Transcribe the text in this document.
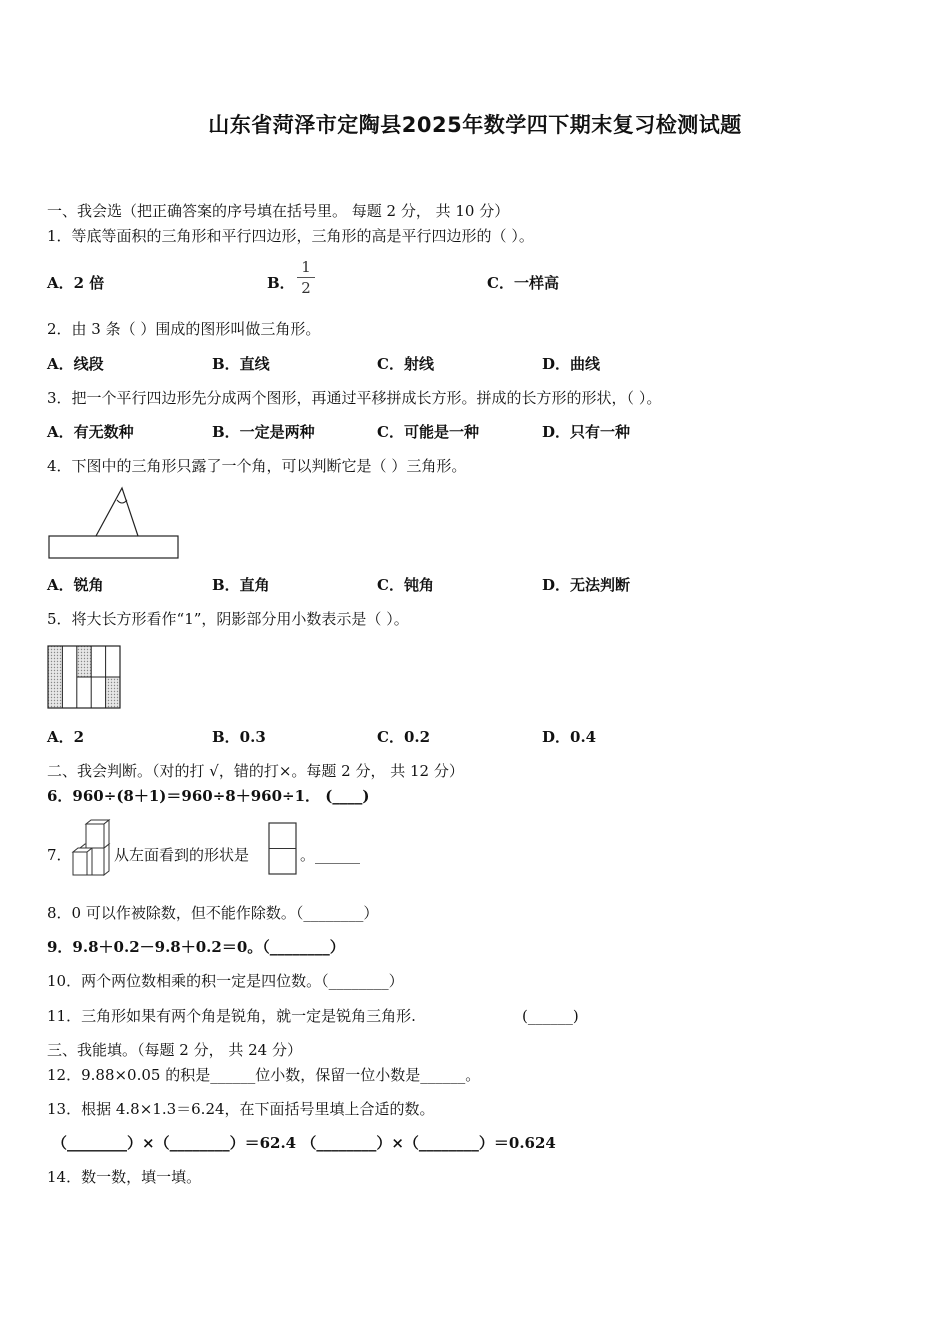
山东省菏泽市定陶县2025年数学四下期末复习检测试题
一、我会选（把正确答案的序号填在括号里。 每题 2 分， 共 10 分）
1．等底等面积的三角形和平行四边形，三角形的高是平行四边形的（ ）。
A．2 倍	B．
1
2	C．一样高
2．由 3 条（ ）围成的图形叫做三角形。
A．线段	B．直线	C．射线	D．曲线
3．把一个平行四边形先分成两个图形，再通过平移拼成长方形。拼成的长方形的形状，（ ）。
A．有无数种	B．一定是两种	C．可能是一种	D．只有一种
4．下图中的三角形只露了一个角，可以判断它是（ ）三角形。
A．锐角	B．直角	C．钝角	D．无法判断
5．将大长方形看作“1”，阴影部分用小数表示是（ ）。
A．2	B．0.3	C．0.2	D．0.4
二、我会判断。（对的打 √，错的打×。每题 2 分， 共 12 分）
6．960÷(8＋1)＝960÷8＋960÷1． (____)
7．	从左面看到的形状是	。______
8．0 可以作被除数，但不能作除数。（________）
9．9.8＋0.2－9.8＋0.2＝0。（________）
10．两个两位数相乘的积一定是四位数。（________）
11．三角形如果有两个角是锐角，就一定是锐角三角形.	(______)
三、我能填。（每题 2 分， 共 24 分）
12．9.88×0.05 的积是______位小数，保留一位小数是______。
13．根据 4.8×1.3＝6.24，在下面括号里填上合适的数。
（________）×（________）＝62.4 （________）×（________）＝0.624
14．数一数，填一填。
